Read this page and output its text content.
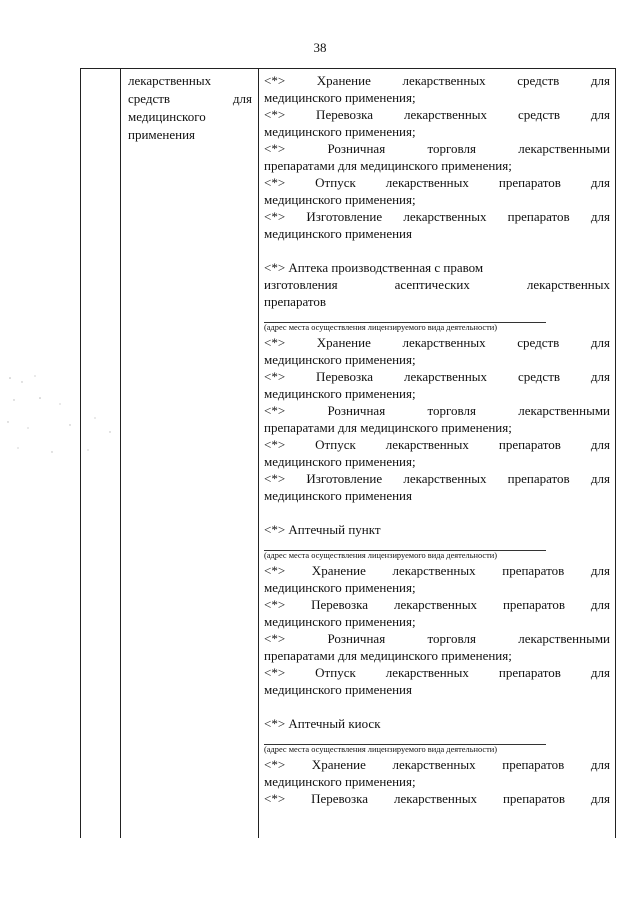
38
лекарственных
средств для
медицинского
применения
<*> Хранение лекарственных средств для
медицинского применения;
<*> Перевозка лекарственных средств для
медицинского применения;
<*> Розничная торговля лекарственными
препаратами для медицинского применения;
<*> Отпуск лекарственных препаратов для
медицинского применения;
<*> Изготовление лекарственных препаратов для
медицинского применения
<*> Аптека производственная с правом
изготовления асептических лекарственных
препаратов
(адрес места осуществления лицензируемого вида деятельности)
<*> Хранение лекарственных средств для
медицинского применения;
<*> Перевозка лекарственных средств для
медицинского применения;
<*> Розничная торговля лекарственными
препаратами для медицинского применения;
<*> Отпуск лекарственных препаратов для
медицинского применения;
<*> Изготовление лекарственных препаратов для
медицинского применения
<*> Аптечный пункт
(адрес места осуществления лицензируемого вида деятельности)
<*> Хранение лекарственных препаратов для
медицинского применения;
<*> Перевозка лекарственных препаратов для
медицинского применения;
<*> Розничная торговля лекарственными
препаратами для медицинского применения;
<*> Отпуск лекарственных препаратов для
медицинского применения
<*> Аптечный киоск
(адрес места осуществления лицензируемого вида деятельности)
<*> Хранение лекарственных препаратов для
медицинского применения;
<*> Перевозка лекарственных препаратов для
